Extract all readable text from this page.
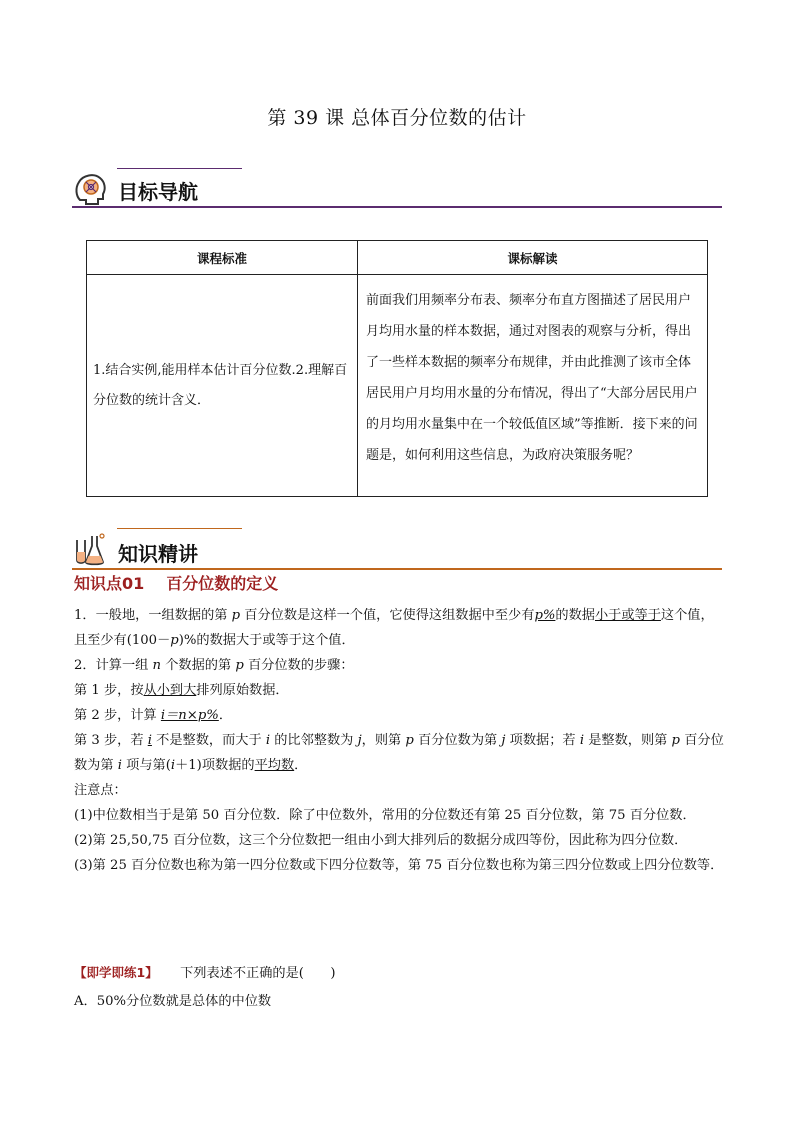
第 39 课 总体百分位数的估计
目标导航
课程标准	课标解读
1.结合实例,能用样本估计百分位数.2.理解百分位数的统计含义．	前面我们用频率分布表、频率分布直方图描述了居民用户月均用水量的样本数据，通过对图表的观察与分析，得出了一些样本数据的频率分布规律，并由此推测了该市全体居民用户月均用水量的分布情况，得出了“大部分居民用户的月均用水量集中在一个较低值区域”等推断．接下来的问题是，如何利用这些信息，为政府决策服务呢？
知识精讲
知识点01 百分位数的定义

1．一般地，一组数据的第 p 百分位数是这样一个值，它使得这组数据中至少有p%的数据小于或等于这个值，且至少有(100－p)%的数据大于或等于这个值．

2．计算一组 n 个数据的第 p 百分位数的步骤：

第 1 步，按从小到大排列原始数据．

第 2 步，计算 i＝n×p%．

第 3 步，若 i 不是整数，而大于 i 的比邻整数为 j，则第 p 百分位数为第 j 项数据；若 i 是整数，则第 p 百分位数为第 i 项与第(i＋1)项数据的平均数．

注意点：

(1)中位数相当于是第 50 百分位数．除了中位数外，常用的分位数还有第 25 百分位数，第 75 百分位数．

(2)第 25,50,75 百分位数，这三个分位数把一组由小到大排列后的数据分成四等份，因此称为四分位数．

(3)第 25 百分位数也称为第一四分位数或下四分位数等，第 75 百分位数也称为第三四分位数或上四分位数等．

【即学即练1】 下列表述不正确的是(　　)
A．50%分位数就是总体的中位数
